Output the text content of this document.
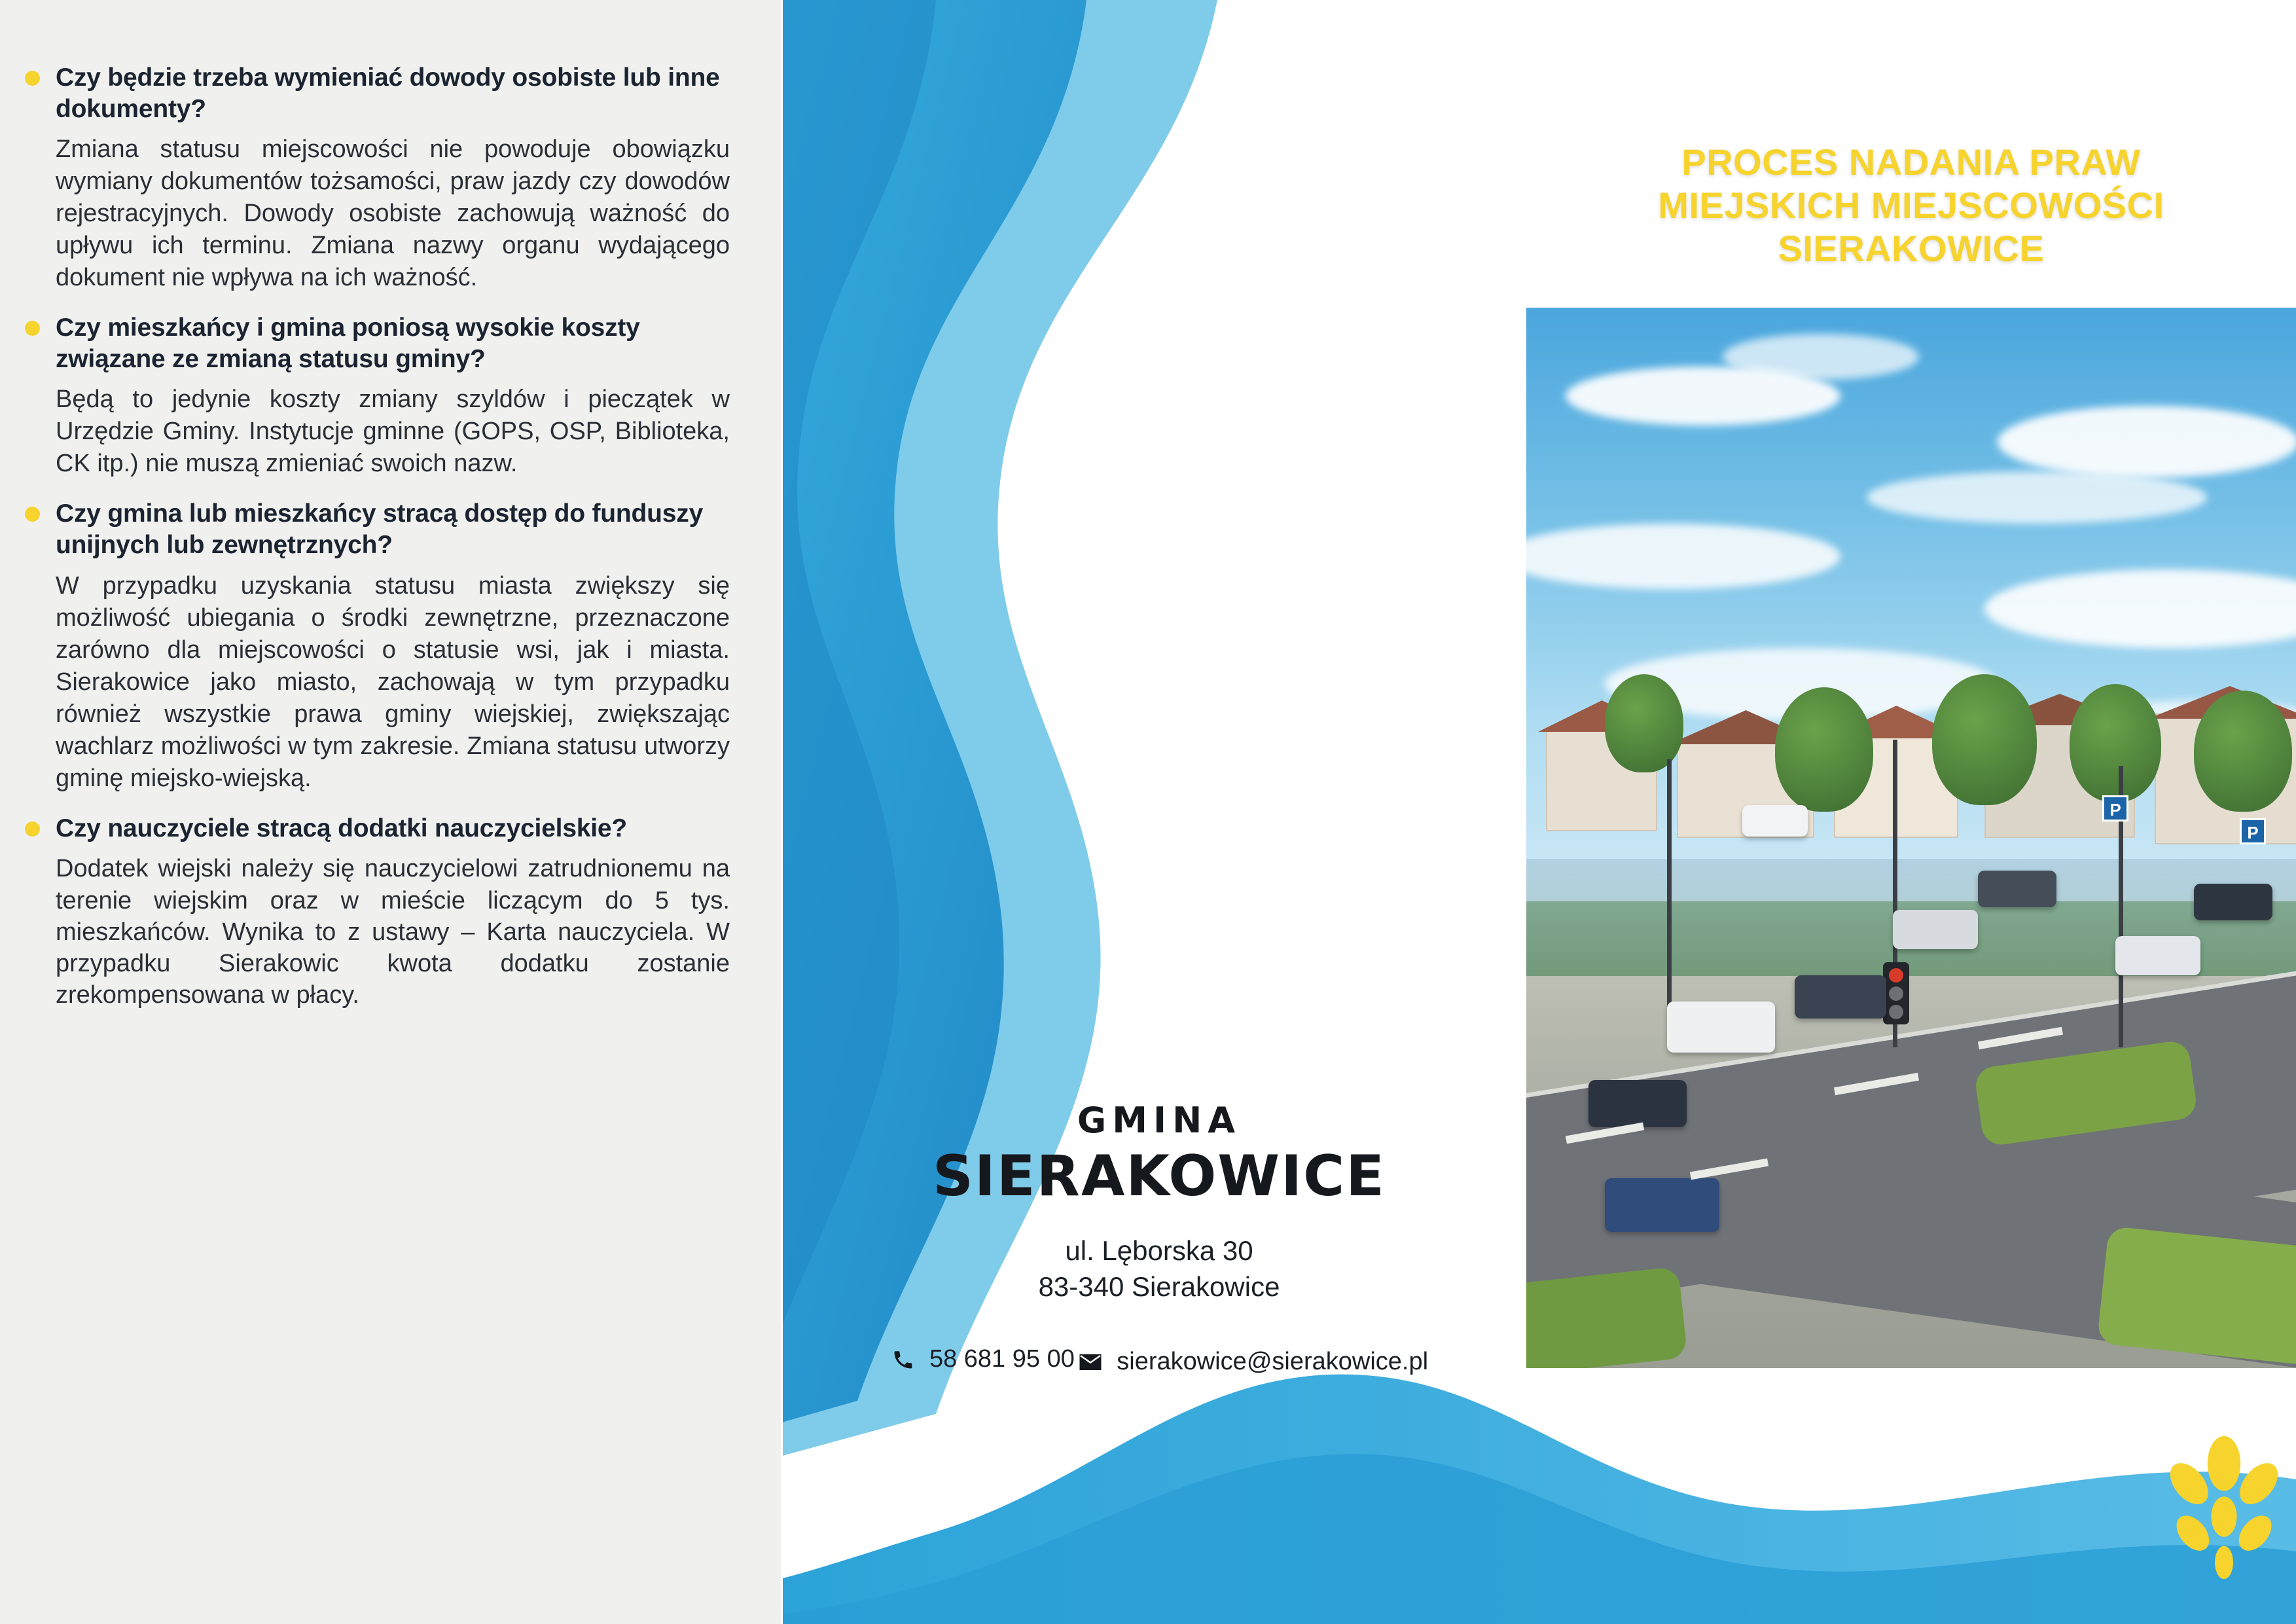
Czy będzie trzeba wymieniać dowody osobiste lub inne dokumenty?
Zmiana statusu miejscowości nie powoduje obowiązku wymiany dokumentów tożsamości, praw jazdy czy dowodów rejestracyjnych. Dowody osobiste zachowują ważność do upływu ich terminu. Zmiana nazwy organu wydającego dokument nie wpływa na ich ważność.
Czy mieszkańcy i gmina poniosą wysokie koszty związane ze zmianą statusu gminy?
Będą to jedynie koszty zmiany szyldów i pieczątek w Urzędzie Gminy. Instytucje gminne (GOPS, OSP, Biblioteka, CK itp.) nie muszą zmieniać swoich nazw.
Czy gmina lub mieszkańcy stracą dostęp do funduszy unijnych lub zewnętrznych?
W przypadku uzyskania statusu miasta zwiększy się możliwość ubiegania o środki zewnętrzne, przeznaczone zarówno dla miejscowości o statusie wsi, jak i miasta. Sierakowice jako miasto, zachowają w tym przypadku również wszystkie prawa gminy wiejskiej, zwiększając wachlarz możliwości w tym zakresie. Zmiana statusu utworzy gminę miejsko-wiejską.
Czy nauczyciele stracą dodatki nauczycielskie?
Dodatek wiejski należy się nauczycielowi zatrudnionemu na terenie wiejskim oraz w mieście liczącym do 5 tys. mieszkańców. Wynika to z ustawy – Karta nauczyciela. W przypadku Sierakowic kwota dodatku zostanie zrekompensowana w płacy.
GMINA
SIERAKOWICE
ul. Lęborska 30
83-340 Sierakowice
58 681 95 00
sierakowice@sierakowice.pl
PROCES NADANIA PRAW
MIEJSKICH MIEJSCOWOŚCI
SIERAKOWICE
P
P
